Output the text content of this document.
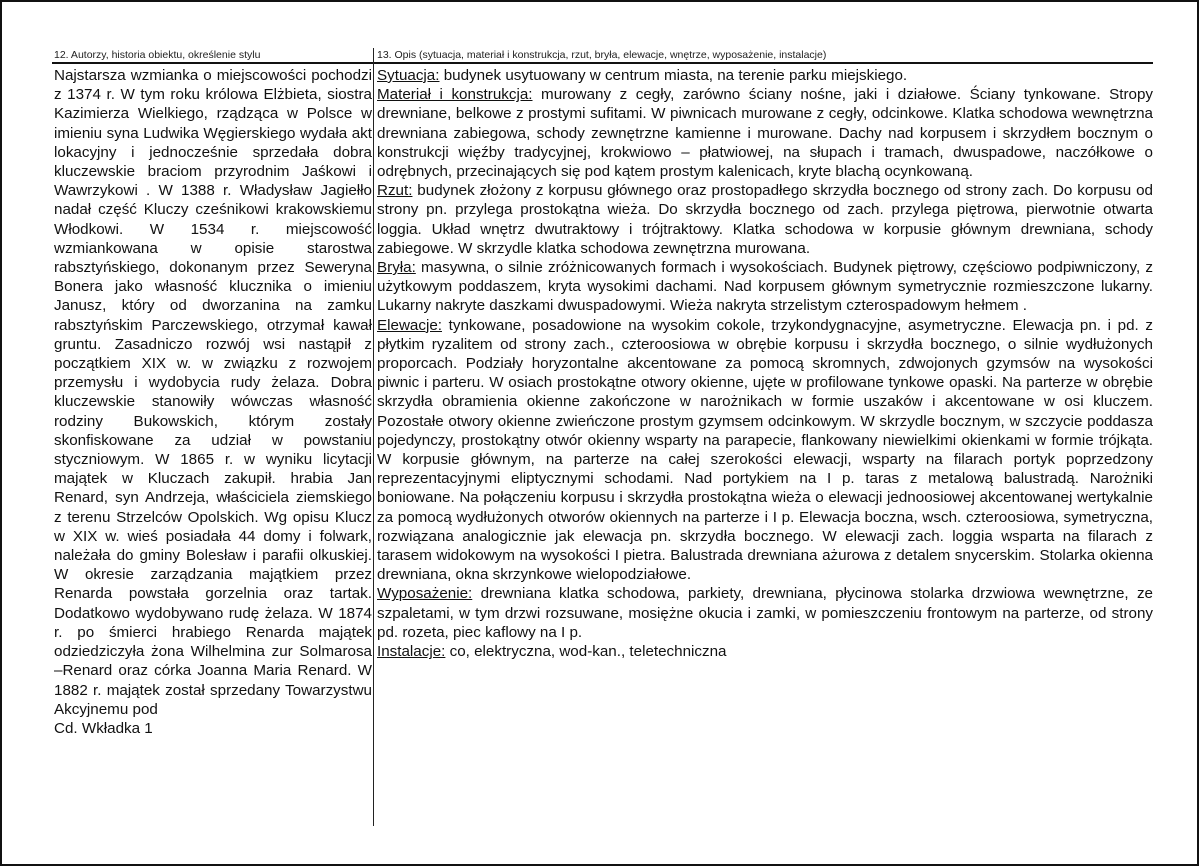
12. Autorzy, historia obiektu, określenie stylu

Najstarsza wzmianka o miejscowości pochodzi z 1374 r. W tym roku królowa Elżbieta, siostra Kazimierza Wielkiego, rządząca w Polsce w imieniu syna Ludwika Węgierskiego wydała akt lokacyjny i jednocześnie sprzedała dobra kluczewskie braciom przyrodnim Jaśkowi i Wawrzykowi . W 1388 r. Władysław Jagiełło nadał część Kluczy cześnikowi krakowskiemu Włodkowi. W 1534 r. miejscowość wzmiankowana w opisie starostwa rabsztyńskiego, dokonanym przez Seweryna Bonera jako własność klucznika o imieniu Janusz, który od dworzanina na zamku rabsztyńskim Parczewskiego, otrzymał kawał gruntu. Zasadniczo rozwój wsi nastąpił z początkiem XIX w. w związku z rozwojem przemysłu i wydobycia rudy żelaza. Dobra kluczewskie stanowiły wówczas własność rodziny Bukowskich, którym zostały skonfiskowane za udział w powstaniu styczniowym. W 1865 r. w wyniku licytacji majątek w Kluczach zakupił. hrabia Jan Renard, syn Andrzeja, właściciela ziemskiego z terenu Strzelców Opolskich. Wg opisu Klucz w XIX w. wieś posiadała 44 domy i folwark, należała do gminy Bolesław i parafii olkuskiej. W okresie zarządzania majątkiem przez Renarda powstała gorzelnia oraz tartak. Dodatkowo wydobywano rudę żelaza. W 1874 r. po śmierci hrabiego Renarda majątek odziedziczyła żona Wilhelmina zur Solmarosa –Renard oraz córka Joanna Maria Renard. W 1882 r. majątek został sprzedany Towarzystwu Akcyjnemu pod

Cd. Wkładka 1

13. Opis (sytuacja, materiał i konstrukcja, rzut, bryła, elewacje, wnętrze, wyposażenie, instalacje)

Sytuacja: budynek usytuowany w centrum miasta, na terenie parku miejskiego.

Materiał i konstrukcja: murowany z cegły, zarówno ściany nośne, jaki i działowe. Ściany tynkowane. Stropy drewniane, belkowe z prostymi sufitami. W piwnicach murowane z cegły, odcinkowe. Klatka schodowa wewnętrzna drewniana zabiegowa, schody zewnętrzne kamienne i murowane. Dachy nad korpusem i skrzydłem bocznym o konstrukcji więźby tradycyjnej, krokwiowo – płatwiowej, na słupach i tramach, dwuspadowe, naczółkowe o odrębnych, przecinających się pod kątem prostym kalenicach, kryte blachą ocynkowaną.

Rzut: budynek złożony z korpusu głównego oraz prostopadłego skrzydła bocznego od strony zach. Do korpusu od strony pn. przylega prostokątna wieża. Do skrzydła bocznego od zach. przylega piętrowa, pierwotnie otwarta loggia. Układ wnętrz dwutraktowy i trójtraktowy. Klatka schodowa w korpusie głównym drewniana, schody zabiegowe. W skrzydle klatka schodowa zewnętrzna murowana.

Bryła: masywna, o silnie zróżnicowanych formach i wysokościach. Budynek piętrowy, częściowo podpiwniczony, z użytkowym poddaszem, kryta wysokimi dachami. Nad korpusem głównym symetrycznie rozmieszczone lukarny. Lukarny nakryte daszkami dwuspadowymi. Wieża nakryta strzelistym czterospadowym hełmem .

Elewacje: tynkowane, posadowione na wysokim cokole, trzykondygnacyjne, asymetryczne. Elewacja pn. i pd. z płytkim ryzalitem od strony zach., czteroosiowa w obrębie korpusu i skrzydła bocznego, o silnie wydłużonych proporcach. Podziały horyzontalne akcentowane za pomocą skromnych, zdwojonych gzymsów na wysokości piwnic i parteru. W osiach prostokątne otwory okienne, ujęte w profilowane tynkowe opaski. Na parterze w obrębie skrzydła obramienia okienne zakończone w narożnikach w formie uszaków i akcentowane w osi kluczem. Pozostałe otwory okienne zwieńczone prostym gzymsem odcinkowym. W skrzydle bocznym, w szczycie poddasza pojedynczy, prostokątny otwór okienny wsparty na parapecie, flankowany niewielkimi okienkami w formie trójkąta. W korpusie głównym, na parterze na całej szerokości elewacji, wsparty na filarach portyk poprzedzony reprezentacyjnymi eliptycznymi schodami. Nad portykiem na I p. taras z metalową balustradą. Narożniki boniowane. Na połączeniu korpusu i skrzydła prostokątna wieża o elewacji jednoosiowej akcentowanej wertykalnie za pomocą wydłużonych otworów okiennych na parterze i I p. Elewacja boczna, wsch. czteroosiowa, symetryczna, rozwiązana analogicznie jak elewacja pn. skrzydła bocznego. W elewacji zach. loggia wsparta na filarach z tarasem widokowym na wysokości I pietra. Balustrada drewniana ażurowa z detalem snycerskim. Stolarka okienna drewniana, okna skrzynkowe wielopodziałowe.

Wyposażenie: drewniana klatka schodowa, parkiety, drewniana, płycinowa stolarka drzwiowa wewnętrzne, ze szpaletami, w tym drzwi rozsuwane, mosiężne okucia i zamki, w pomieszczeniu frontowym na parterze, od strony pd. rozeta, piec kaflowy na I p.

Instalacje: co, elektryczna, wod-kan., teletechniczna
